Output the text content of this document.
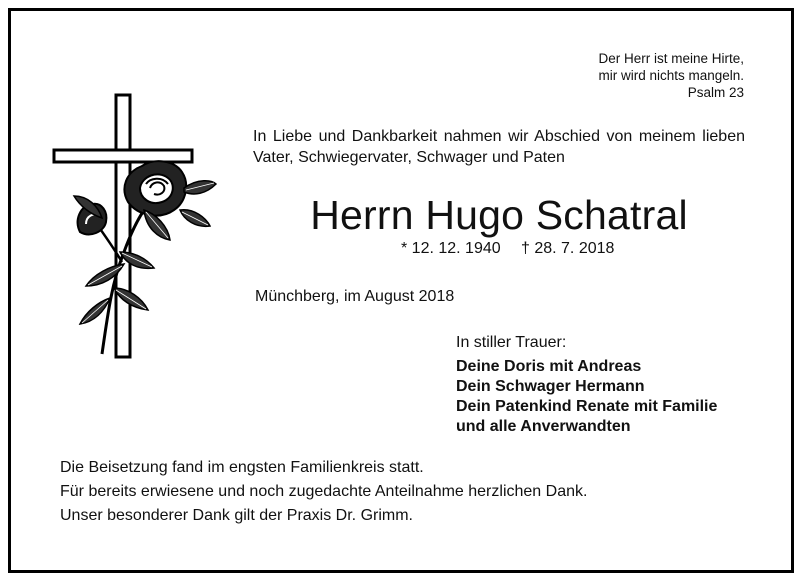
Der Herr ist meine Hirte,
mir wird nichts mangeln.
Psalm 23
In Liebe und Dankbarkeit nahmen wir Abschied von meinem lieben Vater, Schwiegervater, Schwager und Paten
Herrn Hugo Schatral
* 12. 12. 1940 † 28. 7. 2018
Münchberg, im August 2018
In stiller Trauer:
Deine Doris mit Andreas
Dein Schwager Hermann
Dein Patenkind Renate mit Familie
und alle Anverwandten
Die Beisetzung fand im engsten Familienkreis statt.
Für bereits erwiesene und noch zugedachte Anteilnahme herzlichen Dank.
Unser besonderer Dank gilt der Praxis Dr. Grimm.
